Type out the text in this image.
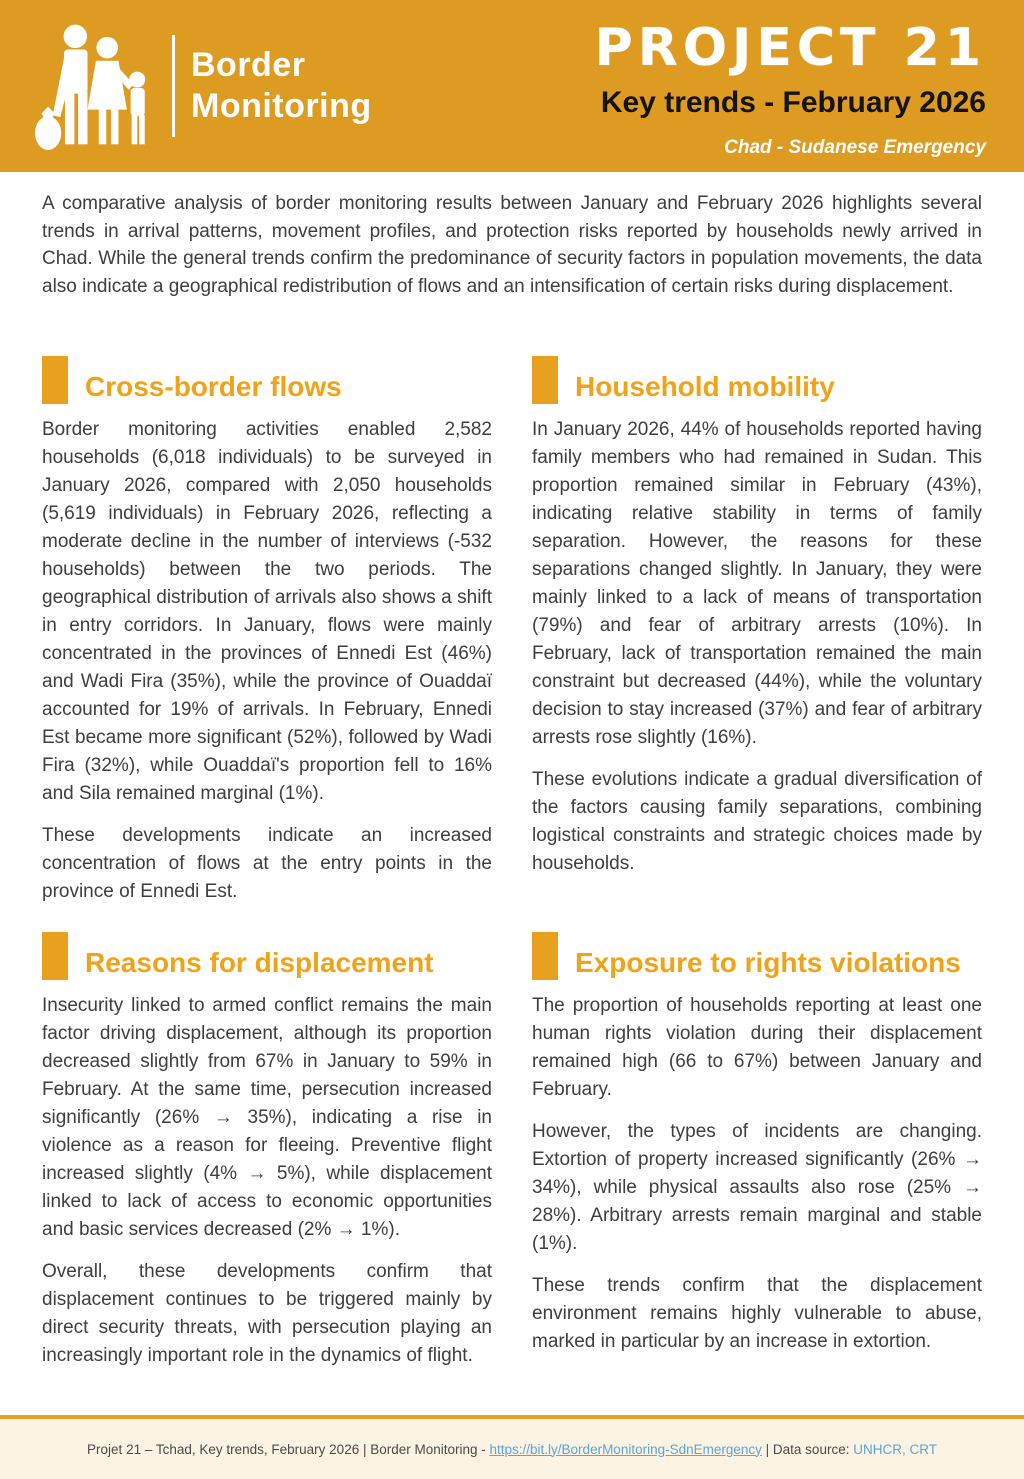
Border
Monitoring
PROJECT 21
Key trends - February 2026
Chad - Sudanese Emergency

A comparative analysis of border monitoring results between January and February 2026 highlights several trends in arrival patterns, movement profiles, and protection risks reported by households newly arrived in Chad. While the general trends confirm the predominance of security factors in population movements, the data also indicate a geographical redistribution of flows and an intensification of certain risks during displacement.

Cross-border flows

Border monitoring activities enabled 2,582 households (6,018 individuals) to be surveyed in January 2026, compared with 2,050 households (5,619 individuals) in February 2026, reflecting a moderate decline in the number of interviews (-532 households) between the two periods. The geographical distribution of arrivals also shows a shift in entry corridors. In January, flows were mainly concentrated in the provinces of Ennedi Est (46%) and Wadi Fira (35%), while the province of Ouaddaï accounted for 19% of arrivals. In February, Ennedi Est became more significant (52%), followed by Wadi Fira (32%), while Ouaddaï's proportion fell to 16% and Sila remained marginal (1%).

These developments indicate an increased concentration of flows at the entry points in the province of Ennedi Est.

Household mobility

In January 2026, 44% of households reported having family members who had remained in Sudan. This proportion remained similar in February (43%), indicating relative stability in terms of family separation. However, the reasons for these separations changed slightly. In January, they were mainly linked to a lack of means of transportation (79%) and fear of arbitrary arrests (10%). In February, lack of transportation remained the main constraint but decreased (44%), while the voluntary decision to stay increased (37%) and fear of arbitrary arrests rose slightly (16%).

These evolutions indicate a gradual diversification of the factors causing family separations, combining logistical constraints and strategic choices made by households.

Reasons for displacement

Insecurity linked to armed conflict remains the main factor driving displacement, although its proportion decreased slightly from 67% in January to 59% in February. At the same time, persecution increased significantly (26% → 35%), indicating a rise in violence as a reason for fleeing. Preventive flight increased slightly (4% → 5%), while displacement linked to lack of access to economic opportunities and basic services decreased (2% → 1%).

Overall, these developments confirm that displacement continues to be triggered mainly by direct security threats, with persecution playing an increasingly important role in the dynamics of flight.

Exposure to rights violations

The proportion of households reporting at least one human rights violation during their displacement remained high (66 to 67%) between January and February.

However, the types of incidents are changing. Extortion of property increased significantly (26% → 34%), while physical assaults also rose (25% → 28%). Arbitrary arrests remain marginal and stable (1%).

These trends confirm that the displacement environment remains highly vulnerable to abuse, marked in particular by an increase in extortion.

Projet 21 – Tchad, Key trends, February 2026 | Border Monitoring - https://bit.ly/BorderMonitoring-SdnEmergency | Data source: UNHCR, CRT
